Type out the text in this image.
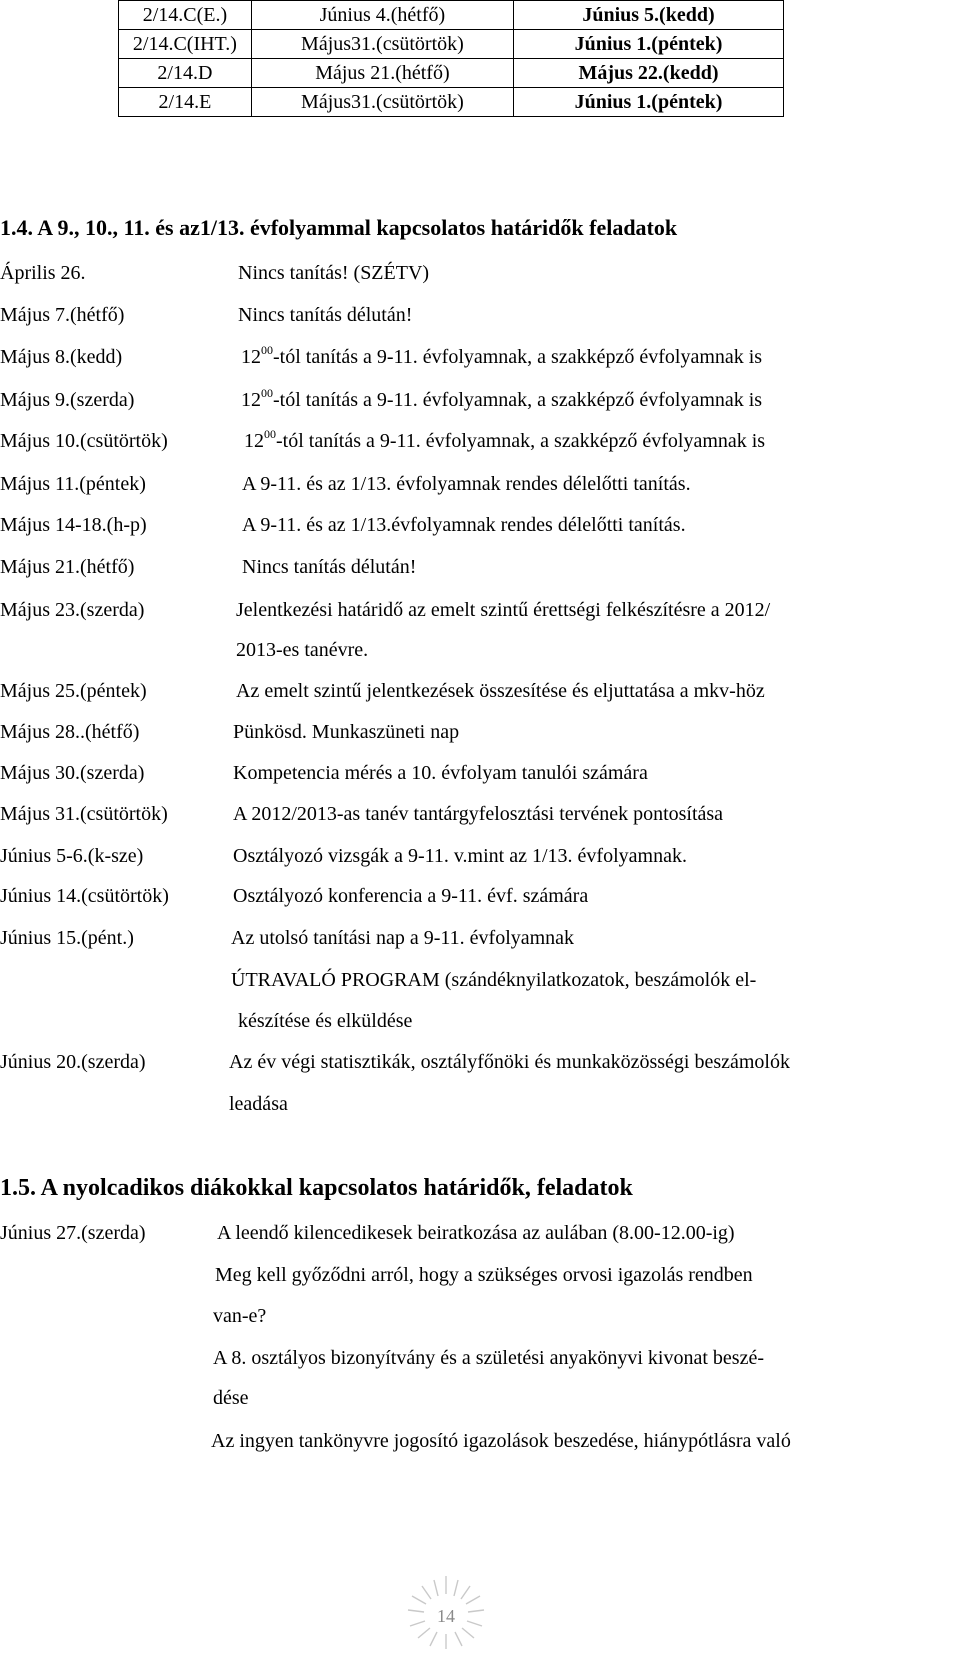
2/14.C(E.)	Június 4.(hétfő)	Június 5.(kedd)
2/14.C(IHT.)	Május31.(csütörtök)	Június 1.(péntek)
2/14.D	Május 21.(hétfő)	Május 22.(kedd)
2/14.E	Május31.(csütörtök)	Június 1.(péntek)
1.4. A 9., 10., 11. és az1/13. évfolyammal kapcsolatos határidők feladatok
Április 26.	Nincs tanítás! (SZÉTV)
Május 7.(hétfő)	Nincs tanítás délután!
Május 8.(kedd)	$12^{00}$-tól tanítás a 9-11. évfolyamnak, a szakképző évfolyamnak is
Május 9.(szerda)	$12^{00}$-tól tanítás a 9-11. évfolyamnak, a szakképző évfolyamnak is
Május 10.(csütörtök)	$12^{00}$-tól tanítás a 9-11. évfolyamnak, a szakképző évfolyamnak is
Május 11.(péntek)	A 9-11. és az 1/13. évfolyamnak rendes délelőtti tanítás.
Május 14-18.(h-p)	A 9-11. és az 1/13.évfolyamnak rendes délelőtti tanítás.
Május 21.(hétfő)	Nincs tanítás délután!
Május 23.(szerda)	Jelentkezési határidő az emelt szintű érettségi felkészítésre a 2012/
2013-es tanévre.
Május 25.(péntek)	Az emelt szintű jelentkezések összesítése és eljuttatása a mkv-höz
Május 28..(hétfő)	Pünkösd. Munkaszüneti nap
Május 30.(szerda)	Kompetencia mérés a 10. évfolyam tanulói számára
Május 31.(csütörtök)	A 2012/2013-as tanév tantárgyfelosztási tervének pontosítása
Június 5-6.(k-sze)	Osztályozó vizsgák a 9-11. v.mint az 1/13. évfolyamnak.
Június 14.(csütörtök)	Osztályozó konferencia a 9-11. évf. számára
Június 15.(pént.)	Az utolsó tanítási nap a 9-11. évfolyamnak
ÚTRAVALÓ PROGRAM (szándéknyilatkozatok, beszámolók el-
készítése és elküldése
Június 20.(szerda)	Az év végi statisztikák, osztályfőnöki és munkaközösségi beszámolók
leadása
1.5. A nyolcadikos diákokkal kapcsolatos határidők, feladatok
Június 27.(szerda)	A leendő kilencedikesek beiratkozása az aulában (8.00-12.00-ig)
Meg kell győződni arról, hogy a szükséges orvosi igazolás rendben
van-e?
A 8. osztályos bizonyítvány és a születési anyakönyvi kivonat beszé-
dése
Az ingyen tankönyvre jogosító igazolások beszedése, hiánypótlásra való
14
